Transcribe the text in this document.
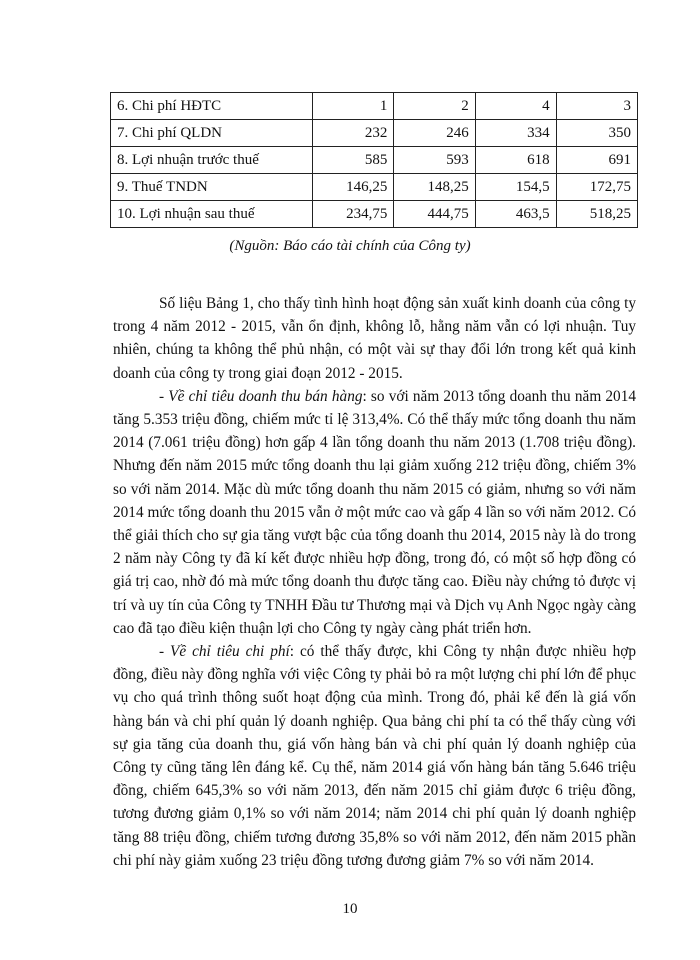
6. Chi phí HĐTC	1	2	4	3
7. Chi phí QLDN	232	246	334	350
8. Lợi nhuận trước thuế	585	593	618	691
9. Thuế TNDN	146,25	148,25	154,5	172,75
10. Lợi nhuận sau thuế	234,75	444,75	463,5	518,25
(Nguồn: Báo cáo tài chính của Công ty)

Số liệu Bảng 1, cho thấy tình hình hoạt động sản xuất kinh doanh của công ty trong 4 năm 2012 - 2015, vẫn ổn định, không lỗ, hằng năm vẫn có lợi nhuận. Tuy nhiên, chúng ta không thể phủ nhận, có một vài sự thay đổi lớn trong kết quả kinh doanh của công ty trong giai đoạn 2012 - 2015.

- Về chỉ tiêu doanh thu bán hàng: so với năm 2013 tổng doanh thu năm 2014 tăng 5.353 triệu đồng, chiếm mức tỉ lệ 313,4%. Có thể thấy mức tổng doanh thu năm 2014 (7.061 triệu đồng) hơn gấp 4 lần tổng doanh thu năm 2013 (1.708 triệu đồng). Nhưng đến năm 2015 mức tổng doanh thu lại giảm xuống 212 triệu đồng, chiếm 3% so với năm 2014. Mặc dù mức tổng doanh thu năm 2015 có giảm, nhưng so với năm 2014 mức tổng doanh thu 2015 vẫn ở một mức cao và gấp 4 lần so với năm 2012. Có thể giải thích cho sự gia tăng vượt bậc của tổng doanh thu 2014, 2015 này là do trong 2 năm này Công ty đã kí kết được nhiều hợp đồng, trong đó, có một số hợp đồng có giá trị cao, nhờ đó mà mức tổng doanh thu được tăng cao. Điều này chứng tỏ được vị trí và uy tín của Công ty TNHH Đầu tư Thương mại và Dịch vụ Anh Ngọc ngày càng cao đã tạo điều kiện thuận lợi cho Công ty ngày càng phát triển hơn.

- Về chỉ tiêu chi phí: có thể thấy được, khi Công ty nhận được nhiều hợp đồng, điều này đồng nghĩa với việc Công ty phải bỏ ra một lượng chi phí lớn để phục vụ cho quá trình thông suốt hoạt động của mình. Trong đó, phải kể đến là giá vốn hàng bán và chi phí quản lý doanh nghiệp. Qua bảng chi phí ta có thể thấy cùng với sự gia tăng của doanh thu, giá vốn hàng bán và chi phí quản lý doanh nghiệp của Công ty cũng tăng lên đáng kể. Cụ thể, năm 2014 giá vốn hàng bán tăng 5.646 triệu đồng, chiếm 645,3% so với năm 2013, đến năm 2015 chỉ giảm được 6 triệu đồng, tương đương giảm 0,1% so với năm 2014; năm 2014 chi phí quản lý doanh nghiệp tăng 88 triệu đồng, chiếm tương đương 35,8% so với năm 2012, đến năm 2015 phần chi phí này giảm xuống 23 triệu đồng tương đương giảm 7% so với năm 2014.

10
